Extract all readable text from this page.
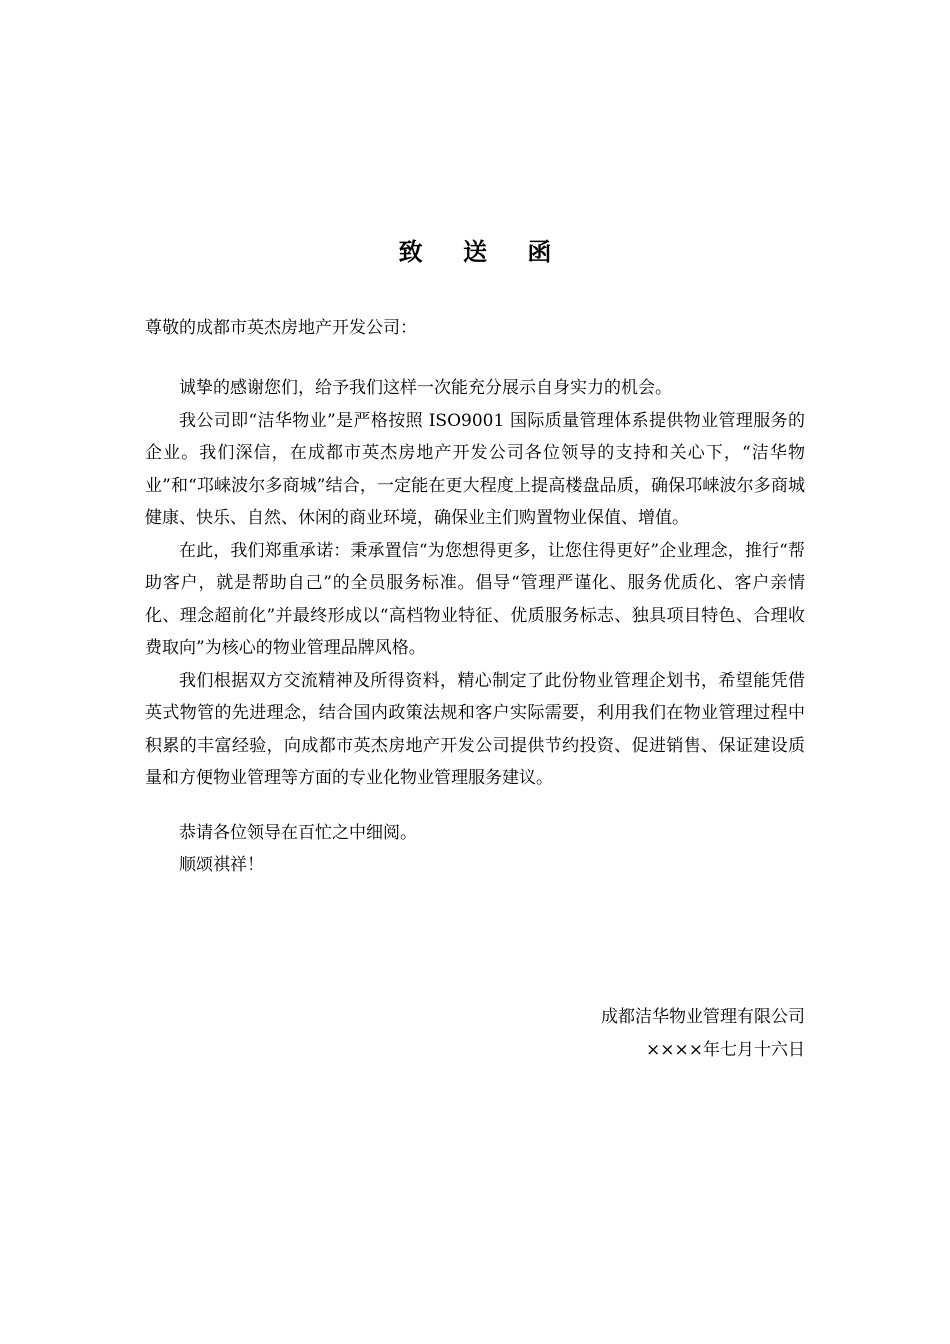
致 送 函
尊敬的成都市英杰房地产开发公司：

诚挚的感谢您们，给予我们这样一次能充分展示自身实力的机会。

我公司即“洁华物业”是严格按照 ISO9001 国际质量管理体系提供物业管理服务的企业。我们深信，在成都市英杰房地产开发公司各位领导的支持和关心下，“洁华物业”和“邛崃波尔多商城”结合，一定能在更大程度上提高楼盘品质，确保邛崃波尔多商城健康、快乐、自然、休闲的商业环境，确保业主们购置物业保值、增值。

在此，我们郑重承诺：秉承置信“为您想得更多，让您住得更好”企业理念，推行“帮助客户，就是帮助自己”的全员服务标准。倡导“管理严谨化、服务优质化、客户亲情化、理念超前化”并最终形成以“高档物业特征、优质服务标志、独具项目特色、合理收费取向”为核心的物业管理品牌风格。

我们根据双方交流精神及所得资料，精心制定了此份物业管理企划书，希望能凭借英式物管的先进理念，结合国内政策法规和客户实际需要，利用我们在物业管理过程中积累的丰富经验，向成都市英杰房地产开发公司提供节约投资、促进销售、保证建设质量和方便物业管理等方面的专业化物业管理服务建议。

恭请各位领导在百忙之中细阅。

顺颂祺祥！

成都洁华物业管理有限公司
××××年七月十六日
